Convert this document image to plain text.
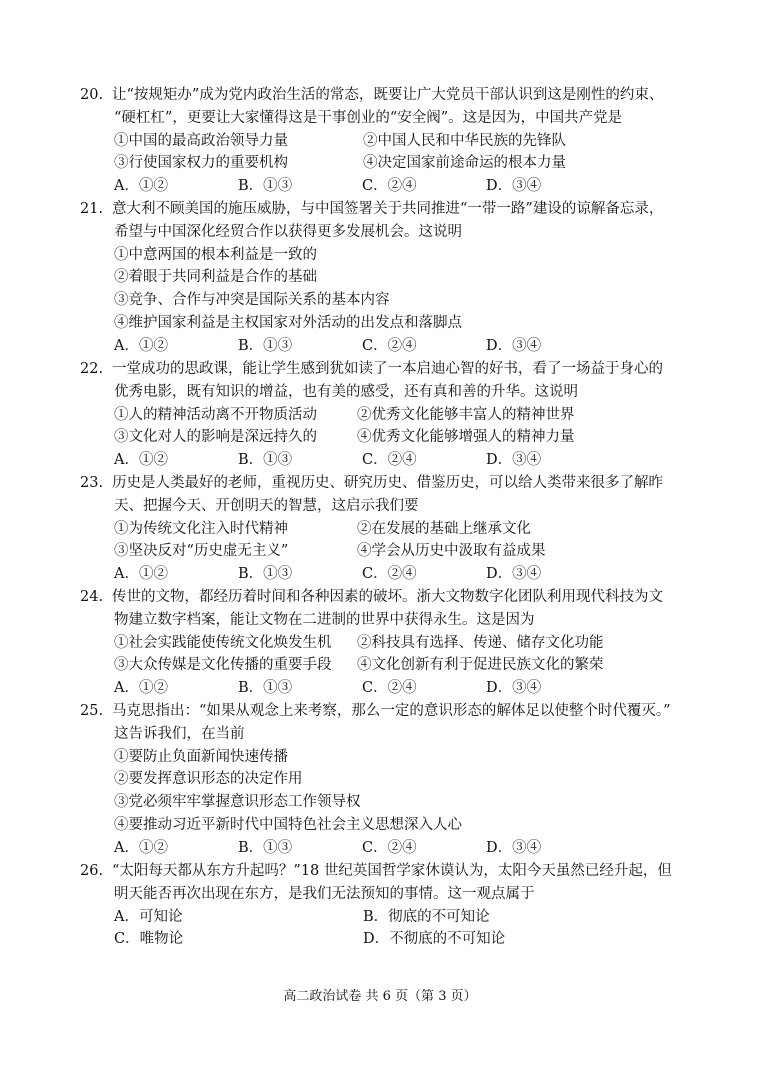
20. 让“按规矩办”成为党内政治生活的常态，既要让广大党员干部认识到这是刚性的约束、
“硬杠杠”，更要让大家懂得这是干事创业的“安全阀”。这是因为，中国共产党是
①中国的最高政治领导力量	②中国人民和中华民族的先锋队
③行使国家权力的重要机构	④决定国家前途命运的根本力量
A．①②	B．①③	C．②④	D．③④
21. 意大利不顾美国的施压威胁，与中国签署关于共同推进“一带一路”建设的谅解备忘录，
希望与中国深化经贸合作以获得更多发展机会。这说明
①中意两国的根本利益是一致的
②着眼于共同利益是合作的基础
③竞争、合作与冲突是国际关系的基本内容
④维护国家利益是主权国家对外活动的出发点和落脚点
A．①②	B．①③	C．②④	D．③④
22. 一堂成功的思政课，能让学生感到犹如读了一本启迪心智的好书，看了一场益于身心的
优秀电影，既有知识的增益，也有美的感受，还有真和善的升华。这说明
①人的精神活动离不开物质活动	②优秀文化能够丰富人的精神世界
③文化对人的影响是深远持久的	④优秀文化能够增强人的精神力量
A．①②	B．①③	C．②④	D．③④
23. 历史是人类最好的老师，重视历史、研究历史、借鉴历史，可以给人类带来很多了解昨
天、把握今天、开创明天的智慧，这启示我们要
①为传统文化注入时代精神	②在发展的基础上继承文化
③坚决反对“历史虚无主义”	④学会从历史中汲取有益成果
A．①②	B．①③	C．②④	D．③④
24. 传世的文物，都经历着时间和各种因素的破坏。浙大文物数字化团队利用现代科技为文
物建立数字档案，能让文物在二进制的世界中获得永生。这是因为
①社会实践能使传统文化焕发生机	②科技具有选择、传递、储存文化功能
③大众传媒是文化传播的重要手段	④文化创新有利于促进民族文化的繁荣
A．①②	B．①③	C．②④	D．③④
25. 马克思指出：“如果从观念上来考察，那么一定的意识形态的解体足以使整个时代覆灭。”
这告诉我们，在当前
①要防止负面新闻快速传播
②要发挥意识形态的决定作用
③党必须牢牢掌握意识形态工作领导权
④要推动习近平新时代中国特色社会主义思想深入人心
A．①②	B．①③	C．②④	D．③④
26. “太阳每天都从东方升起吗？”18 世纪英国哲学家休谟认为，太阳今天虽然已经升起，但
明天能否再次出现在东方，是我们无法预知的事情。这一观点属于
A．可知论	B．彻底的不可知论
C．唯物论	D．不彻底的不可知论
高二政治试卷 共 6 页（第 3 页）
